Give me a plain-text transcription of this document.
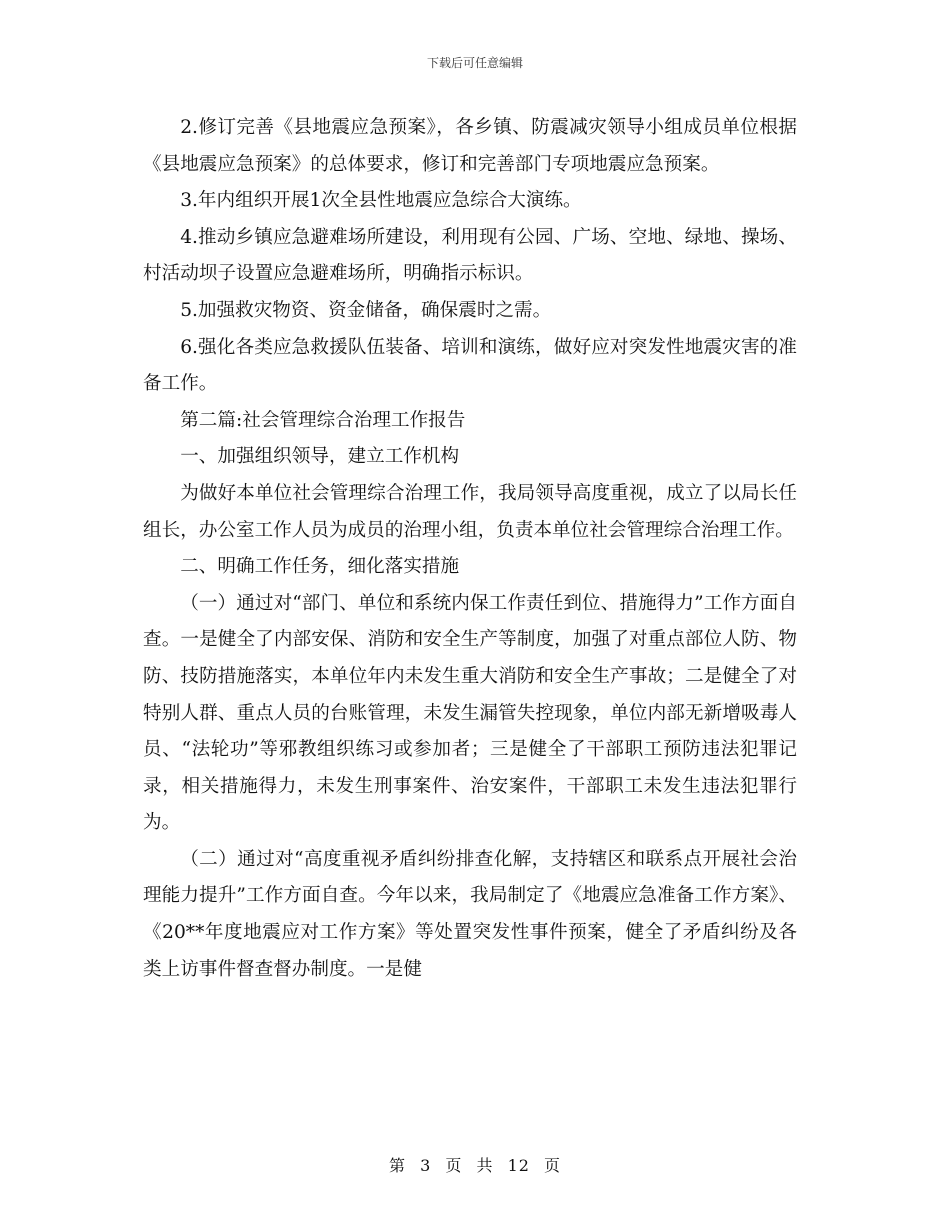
下载后可任意编辑

2.修订完善《县地震应急预案》，各乡镇、防震减灾领导小组成员单位根据《县地震应急预案》的总体要求，修订和完善部门专项地震应急预案。

3.年内组织开展1次全县性地震应急综合大演练。

4.推动乡镇应急避难场所建设，利用现有公园、广场、空地、绿地、操场、村活动坝子设置应急避难场所，明确指示标识。

5.加强救灾物资、资金储备，确保震时之需。

6.强化各类应急救援队伍装备、培训和演练，做好应对突发性地震灾害的准备工作。

第二篇:社会管理综合治理工作报告

一、加强组织领导，建立工作机构

为做好本单位社会管理综合治理工作，我局领导高度重视，成立了以局长任组长，办公室工作人员为成员的治理小组，负责本单位社会管理综合治理工作。

二、明确工作任务，细化落实措施

（一）通过对“部门、单位和系统内保工作责任到位、措施得力”工作方面自查。一是健全了内部安保、消防和安全生产等制度，加强了对重点部位人防、物防、技防措施落实，本单位年内未发生重大消防和安全生产事故；二是健全了对特别人群、重点人员的台账管理，未发生漏管失控现象，单位内部无新增吸毒人员、“法轮功”等邪教组织练习或参加者；三是健全了干部职工预防违法犯罪记录，相关措施得力，未发生刑事案件、治安案件，干部职工未发生违法犯罪行为。

（二）通过对“高度重视矛盾纠纷排查化解，支持辖区和联系点开展社会治理能力提升”工作方面自查。今年以来，我局制定了《地震应急准备工作方案》、《20**年度地震应对工作方案》等处置突发性事件预案，健全了矛盾纠纷及各类上访事件督查督办制度。一是健

第 3 页 共 12 页
